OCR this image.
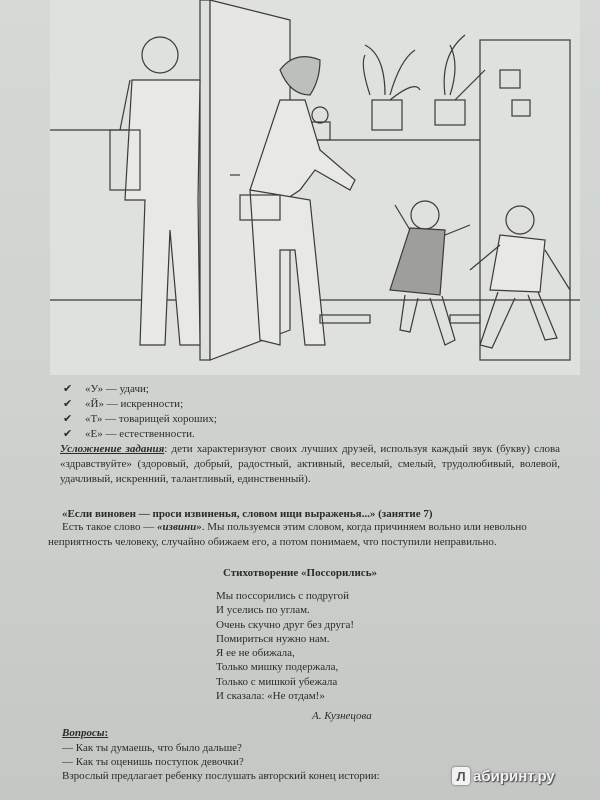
✔ «У» — удачи;
✔ «Й» — искренности;
✔ «Т» — товарищей хороших;
✔ «Е» — естественности.
Усложнение задания: дети характеризуют своих лучших друзей, используя каждый звук (букву) слова «здравствуйте» (здоровый, добрый, радостный, активный, веселый, смелый, трудолюбивый, волевой, удачливый, искренний, талантливый, единственный).
«Если виновен — проси извиненья, словом ищи выраженья...» (занятие 7)
Есть такое слово — «извини». Мы пользуемся этим словом, когда причиняем вольно или невольно неприятность человеку, случайно обижаем его, а потом понимаем, что поступили неправильно.
Стихотворение «Поссорились»
Мы поссорились с подругой
И уселись по углам.
Очень скучно друг без друга!
Помириться нужно нам.
Я ее не обижала,
Только мишку подержала,
Только с мишкой убежала
И сказала: «Не отдам!»
А. Кузнецова
Вопросы:
— Как ты думаешь, что было дальше?
— Как ты оценишь поступок девочки?
Взрослый предлагает ребенку послушать авторский конец истории:	Л абиринт.ру
